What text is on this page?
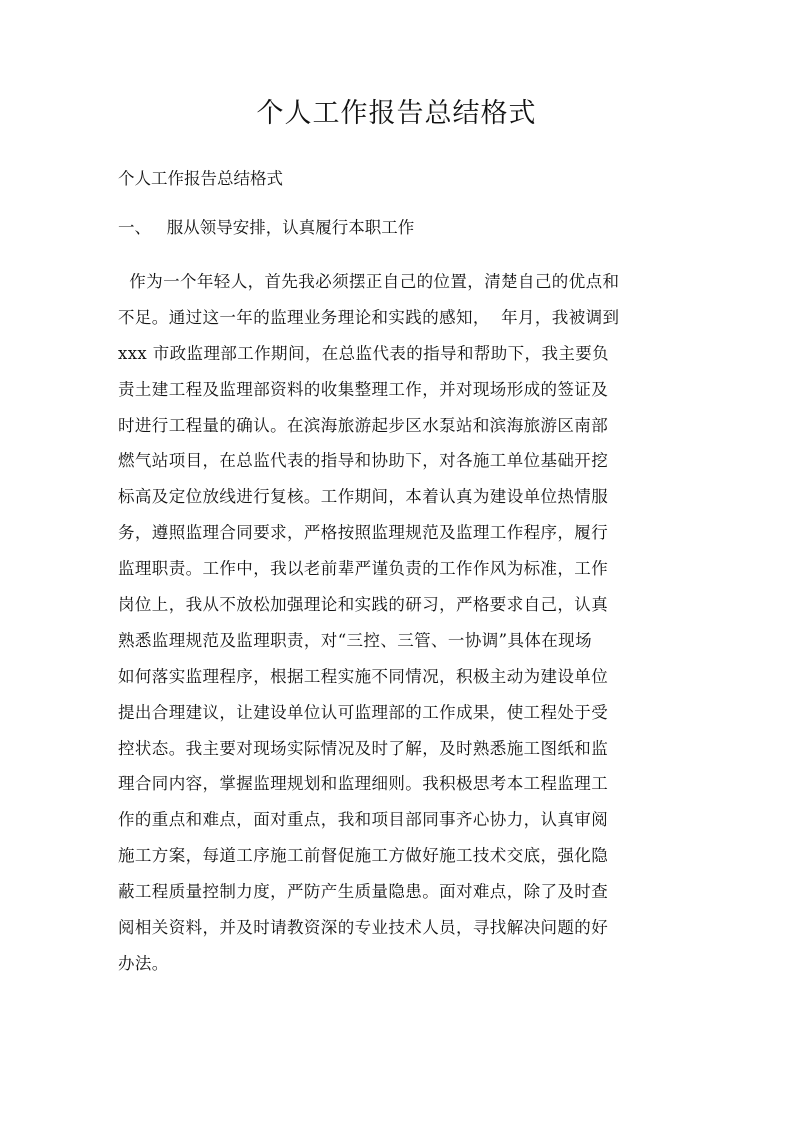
个人工作报告总结格式

个人工作报告总结格式

一、   服从领导安排，认真履行本职工作

作为一个年轻人，首先我必须摆正自己的位置，清楚自己的优点和
不足。通过这一年的监理业务理论和实践的感知，  年月，我被调到
xxx 市政监理部工作期间，在总监代表的指导和帮助下，我主要负
责土建工程及监理部资料的收集整理工作，并对现场形成的签证及
时进行工程量的确认。在滨海旅游起步区水泵站和滨海旅游区南部
燃气站项目，在总监代表的指导和协助下，对各施工单位基础开挖
标高及定位放线进行复核。工作期间，本着认真为建设单位热情服
务，遵照监理合同要求，严格按照监理规范及监理工作程序，履行
监理职责。工作中，我以老前辈严谨负责的工作作风为标准，工作
岗位上，我从不放松加强理论和实践的研习，严格要求自己，认真
熟悉监理规范及监理职责，对“三控、三管、一协调”具体在现场
如何落实监理程序，根据工程实施不同情况，积极主动为建设单位
提出合理建议，让建设单位认可监理部的工作成果，使工程处于受
控状态。我主要对现场实际情况及时了解，及时熟悉施工图纸和监
理合同内容，掌握监理规划和监理细则。我积极思考本工程监理工
作的重点和难点，面对重点，我和项目部同事齐心协力，认真审阅
施工方案，每道工序施工前督促施工方做好施工技术交底，强化隐
蔽工程质量控制力度，严防产生质量隐患。面对难点，除了及时查
阅相关资料，并及时请教资深的专业技术人员，寻找解决问题的好
办法。
